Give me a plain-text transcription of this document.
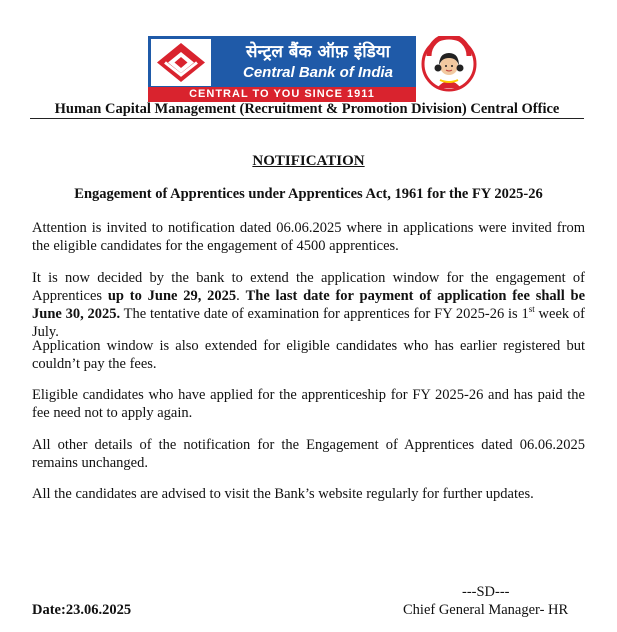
सेन्ट्रल बैंक ऑफ़ इंडिया
Central Bank of India
CENTRAL TO YOU SINCE 1911
Human Capital Management (Recruitment & Promotion Division) Central Office
NOTIFICATION
Engagement of Apprentices under Apprentices Act, 1961 for the FY 2025-26

Attention is invited to notification dated 06.06.2025 where in applications were invited from the eligible candidates for the engagement of 4500 apprentices.

It is now decided by the bank to extend the application window for the engagement of Apprentices up to June 29, 2025. The last date for payment of application fee shall be June 30, 2025. The tentative date of examination for apprentices for FY 2025-26 is 1st week of July.

Application window is also extended for eligible candidates who has earlier registered but couldn’t pay the fees.

Eligible candidates who have applied for the apprenticeship for FY 2025-26 and has paid the fee need not to apply again.

All other details of the notification for the Engagement of Apprentices dated 06.06.2025 remains unchanged.

All the candidates are advised to visit the Bank’s website regularly for further updates.

---SD---
Date:23.06.2025	Chief General Manager- HR
